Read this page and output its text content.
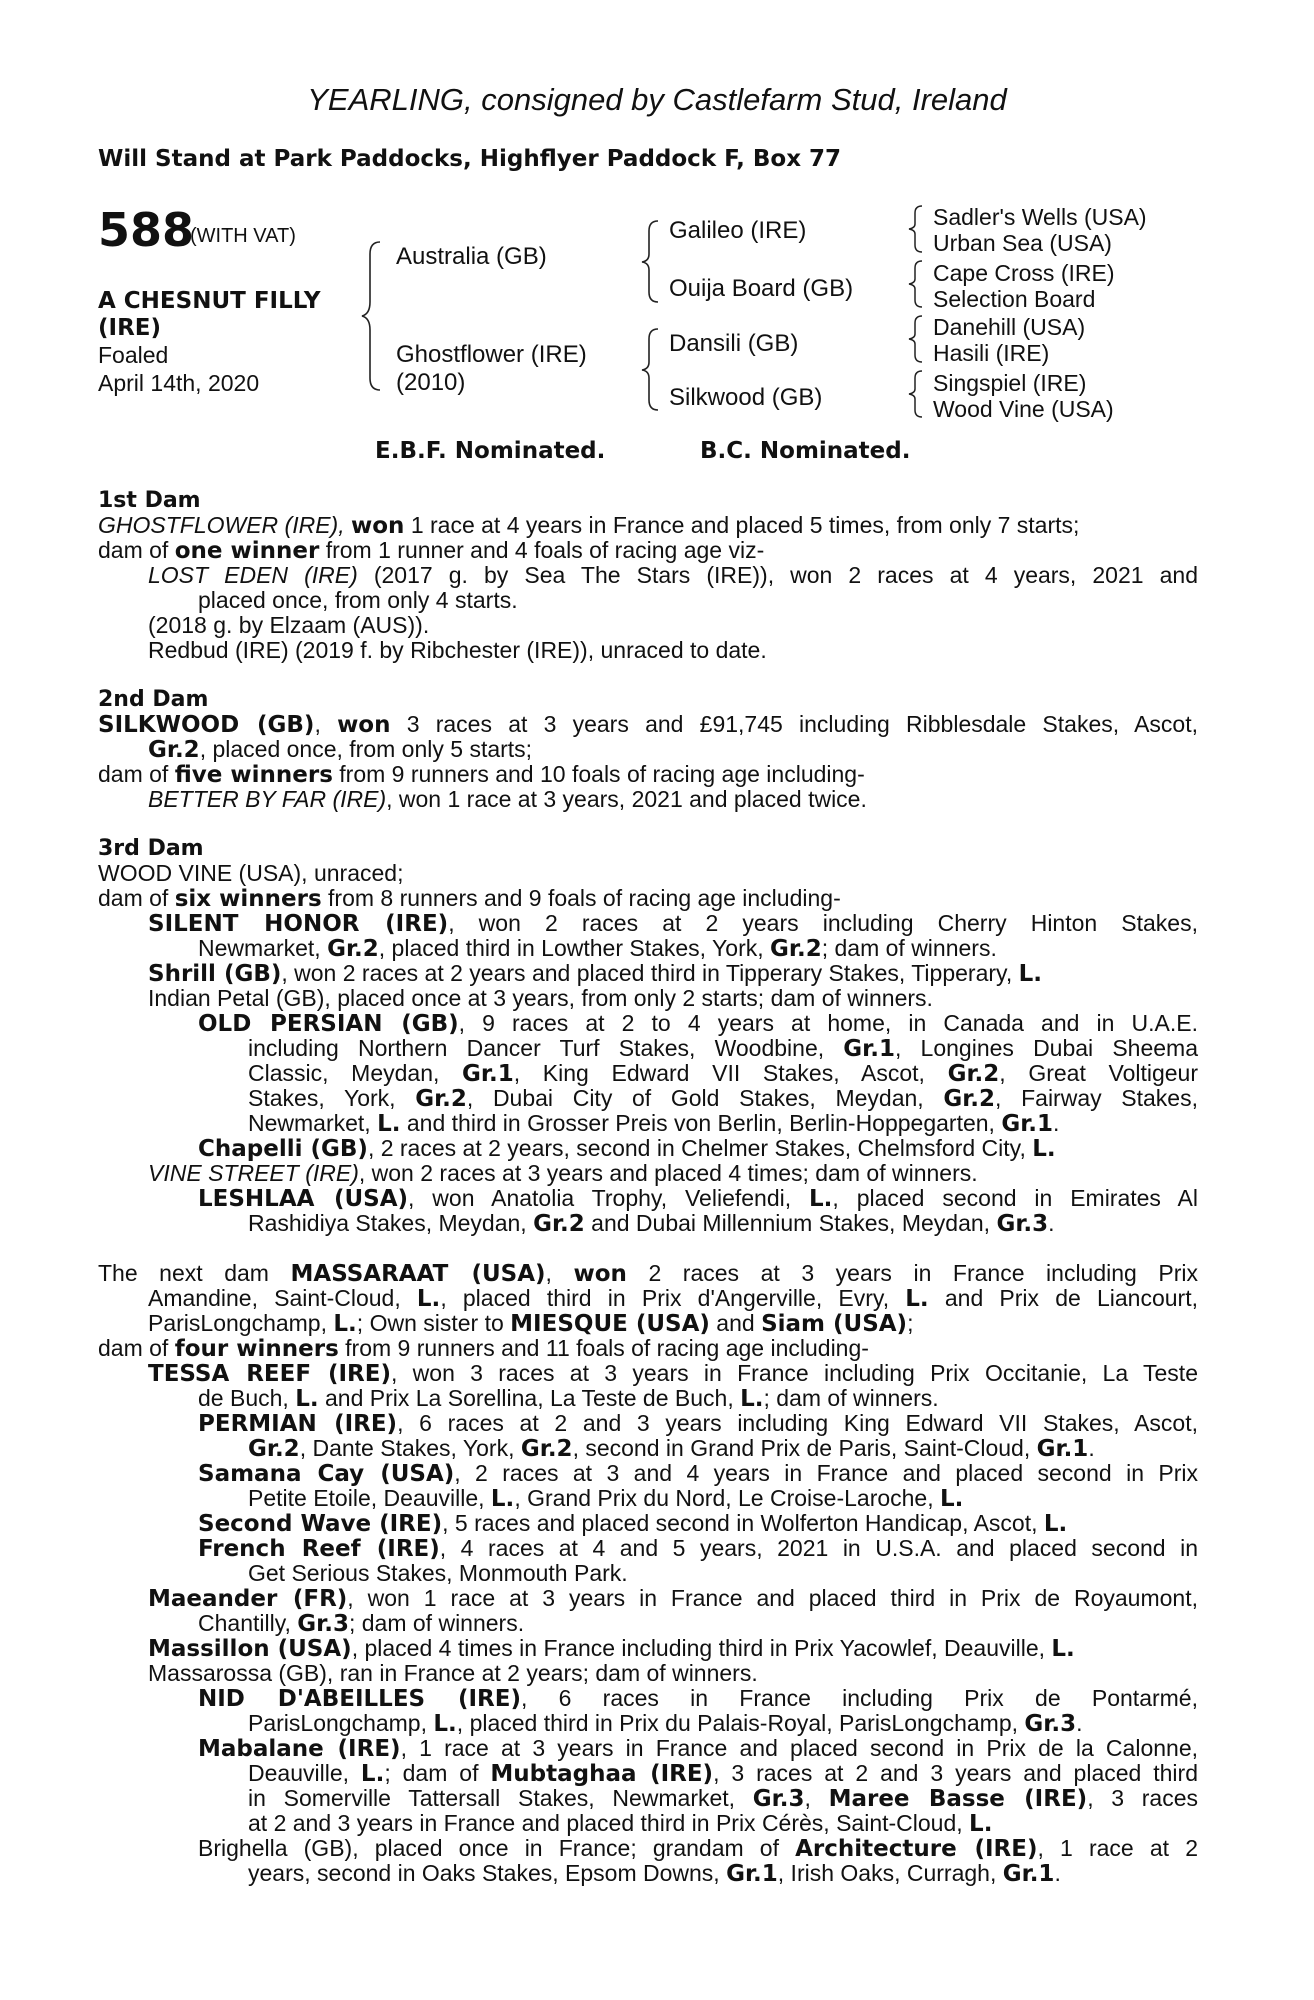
YEARLING, consigned by Castlefarm Stud, Ireland
Will Stand at Park Paddocks, Highflyer Paddock F, Box 77
588
(WITH VAT)
A CHESNUT FILLY
(IRE)
Foaled
April 14th, 2020
Australia (GB)
Ghostflower (IRE)
(2010)
Galileo (IRE)
Ouija Board (GB)
Dansili (GB)
Silkwood (GB)
Sadler's Wells (USA)
Urban Sea (USA)
Cape Cross (IRE)
Selection Board
Danehill (USA)
Hasili (IRE)
Singspiel (IRE)
Wood Vine (USA)
E.B.F. Nominated.	B.C. Nominated.
1st Dam
GHOSTFLOWER (IRE), won 1 race at 4 years in France and placed 5 times, from only 7 starts;
dam of one winner from 1 runner and 4 foals of racing age viz-
LOST EDEN (IRE) (2017 g. by Sea The Stars (IRE)), won 2 races at 4 years, 2021 and
placed once, from only 4 starts.
(2018 g. by Elzaam (AUS)).
Redbud (IRE) (2019 f. by Ribchester (IRE)), unraced to date.
2nd Dam
SILKWOOD (GB), won 3 races at 3 years and £91,745 including Ribblesdale Stakes, Ascot,
Gr.2, placed once, from only 5 starts;
dam of five winners from 9 runners and 10 foals of racing age including-
BETTER BY FAR (IRE), won 1 race at 3 years, 2021 and placed twice.
3rd Dam
WOOD VINE (USA), unraced;
dam of six winners from 8 runners and 9 foals of racing age including-
SILENT HONOR (IRE), won 2 races at 2 years including Cherry Hinton Stakes,
Newmarket, Gr.2, placed third in Lowther Stakes, York, Gr.2; dam of winners.
Shrill (GB), won 2 races at 2 years and placed third in Tipperary Stakes, Tipperary, L.
Indian Petal (GB), placed once at 3 years, from only 2 starts; dam of winners.
OLD PERSIAN (GB), 9 races at 2 to 4 years at home, in Canada and in U.A.E.
including Northern Dancer Turf Stakes, Woodbine, Gr.1, Longines Dubai Sheema
Classic, Meydan, Gr.1, King Edward VII Stakes, Ascot, Gr.2, Great Voltigeur
Stakes, York, Gr.2, Dubai City of Gold Stakes, Meydan, Gr.2, Fairway Stakes,
Newmarket, L. and third in Grosser Preis von Berlin, Berlin-Hoppegarten, Gr.1.
Chapelli (GB), 2 races at 2 years, second in Chelmer Stakes, Chelmsford City, L.
VINE STREET (IRE), won 2 races at 3 years and placed 4 times; dam of winners.
LESHLAA (USA), won Anatolia Trophy, Veliefendi, L., placed second in Emirates Al
Rashidiya Stakes, Meydan, Gr.2 and Dubai Millennium Stakes, Meydan, Gr.3.
The next dam MASSARAAT (USA), won 2 races at 3 years in France including Prix
Amandine, Saint-Cloud, L., placed third in Prix d'Angerville, Evry, L. and Prix de Liancourt,
ParisLongchamp, L.; Own sister to MIESQUE (USA) and Siam (USA);
dam of four winners from 9 runners and 11 foals of racing age including-
TESSA REEF (IRE), won 3 races at 3 years in France including Prix Occitanie, La Teste
de Buch, L. and Prix La Sorellina, La Teste de Buch, L.; dam of winners.
PERMIAN (IRE), 6 races at 2 and 3 years including King Edward VII Stakes, Ascot,
Gr.2, Dante Stakes, York, Gr.2, second in Grand Prix de Paris, Saint-Cloud, Gr.1.
Samana Cay (USA), 2 races at 3 and 4 years in France and placed second in Prix
Petite Etoile, Deauville, L., Grand Prix du Nord, Le Croise-Laroche, L.
Second Wave (IRE), 5 races and placed second in Wolferton Handicap, Ascot, L.
French Reef (IRE), 4 races at 4 and 5 years, 2021 in U.S.A. and placed second in
Get Serious Stakes, Monmouth Park.
Maeander (FR), won 1 race at 3 years in France and placed third in Prix de Royaumont,
Chantilly, Gr.3; dam of winners.
Massillon (USA), placed 4 times in France including third in Prix Yacowlef, Deauville, L.
Massarossa (GB), ran in France at 2 years; dam of winners.
NID D'ABEILLES (IRE), 6 races in France including Prix de Pontarmé,
ParisLongchamp, L., placed third in Prix du Palais-Royal, ParisLongchamp, Gr.3.
Mabalane (IRE), 1 race at 3 years in France and placed second in Prix de la Calonne,
Deauville, L.; dam of Mubtaghaa (IRE), 3 races at 2 and 3 years and placed third
in Somerville Tattersall Stakes, Newmarket, Gr.3, Maree Basse (IRE), 3 races
at 2 and 3 years in France and placed third in Prix Cérès, Saint-Cloud, L.
Brighella (GB), placed once in France; grandam of Architecture (IRE), 1 race at 2
years, second in Oaks Stakes, Epsom Downs, Gr.1, Irish Oaks, Curragh, Gr.1.
